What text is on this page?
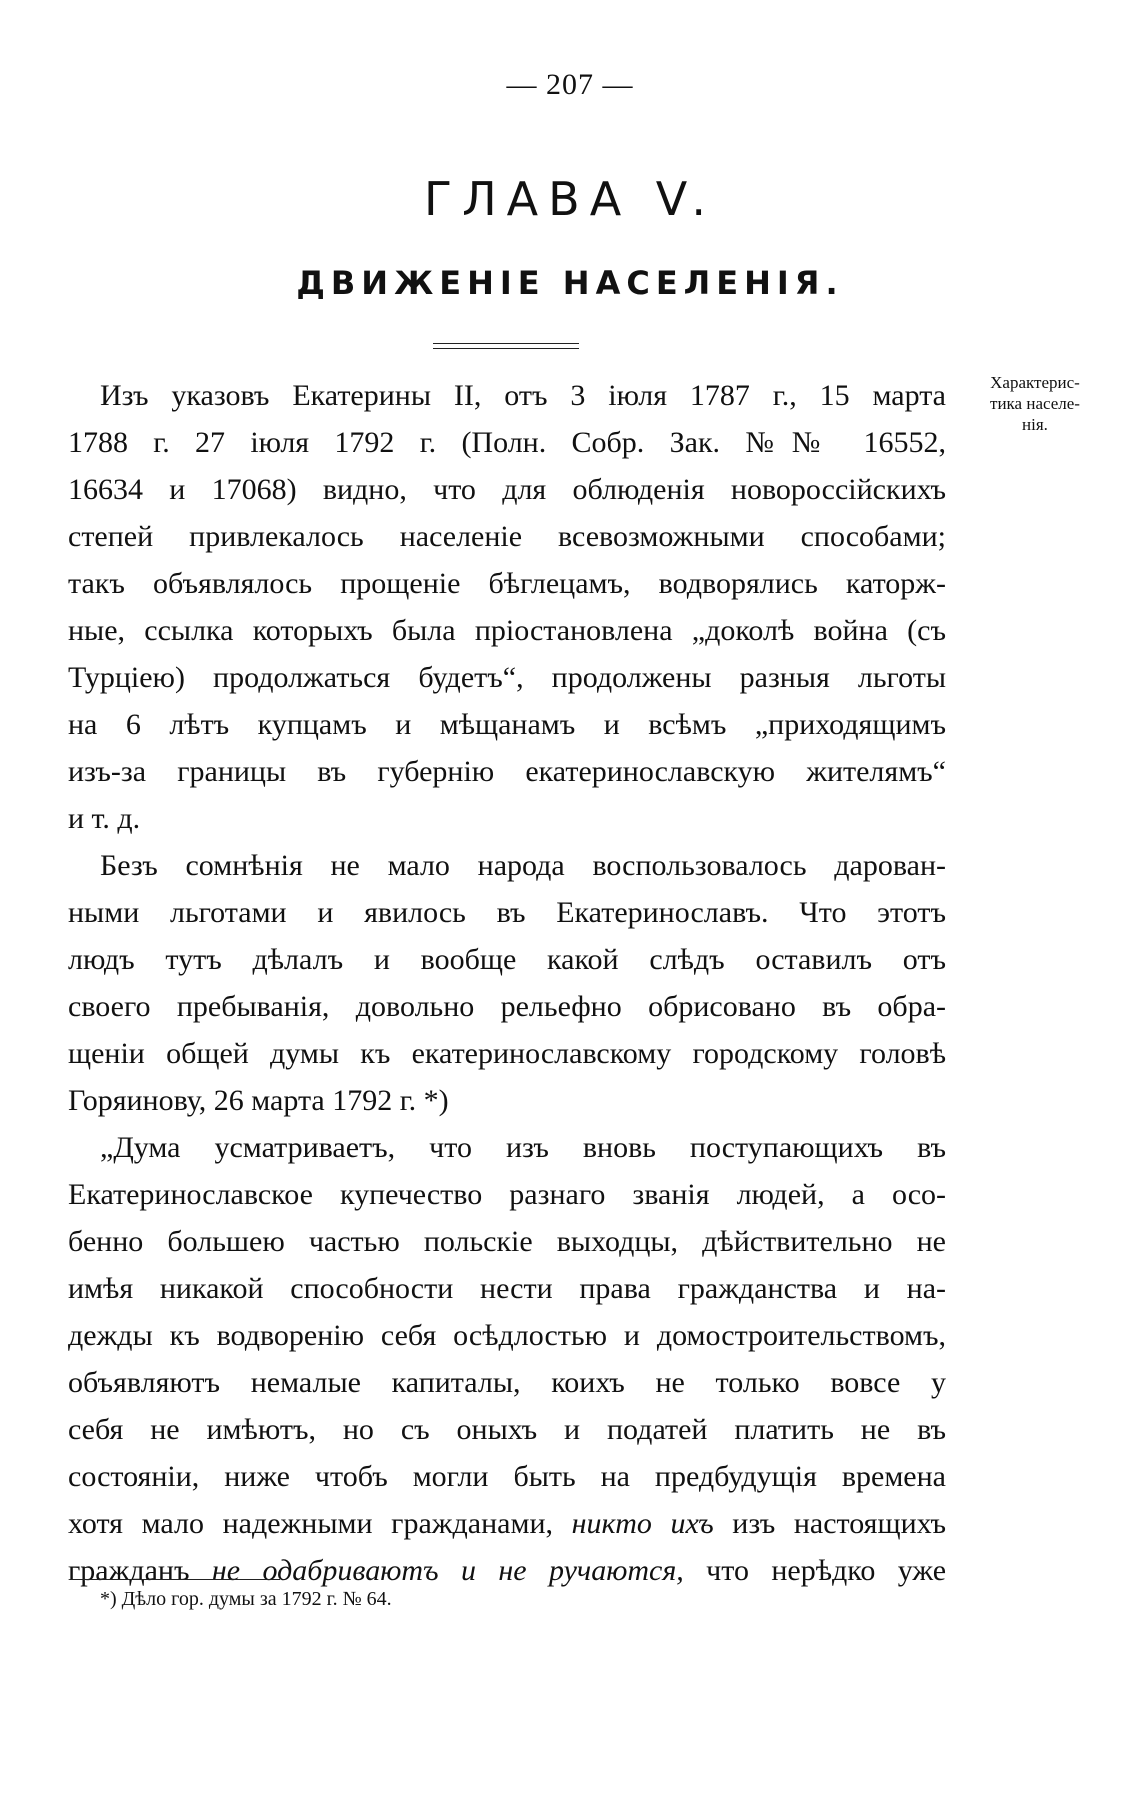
— 207 —
ГЛАВА V.
ДВИЖЕНІЕ НАСЕЛЕНІЯ.
Характерис-
тика населе-
нія.
Изъ указовъ Екатерины II, отъ 3 іюля 1787 г., 15 марта
1788 г. 27 іюля 1792 г. (Полн. Собр. Зак. №№ 16552,
16634 и 17068) видно, что для облюденія новороссійскихъ
степей привлекалось населеніе всевозможными способами;
такъ объявлялось прощеніе бѣглецамъ, водворялись каторж-
ные, ссылка которыхъ была пріостановлена „доколѣ война (съ
Турціею) продолжаться будетъ“, продолжены разныя льготы
на 6 лѣтъ купцамъ и мѣщанамъ и всѣмъ „приходящимъ
изъ-за границы въ губернію екатеринославскую жителямъ“
и т. д.
Безъ сомнѣнія не мало народа воспользовалось дарован-
ными льготами и явилось въ Екатеринославъ. Что этотъ
людъ тутъ дѣлалъ и вообще какой слѣдъ оставилъ отъ
своего пребыванія, довольно рельефно обрисовано въ обра-
щеніи общей думы къ екатеринославскому городскому головѣ
Горяинову, 26 марта 1792 г. *)
„Дума усматриваетъ, что изъ вновь поступающихъ въ
Екатеринославское купечество разнаго званія людей, а осо-
бенно большею частью польскіе выходцы, дѣйствительно не
имѣя никакой способности нести права гражданства и на-
дежды къ водворенію себя осѣдлостью и домостроительствомъ,
объявляютъ немалые капиталы, коихъ не только вовсе у
себя не имѣютъ, но съ оныхъ и податей платить не въ
состояніи, ниже чтобъ могли быть на предбудущія времена
хотя мало надежными гражданами, никто ихъ изъ настоящихъ
гражданъ не одабриваютъ и не ручаются, что нерѣдко уже
*) Дѣло гор. думы за 1792 г. № 64.
